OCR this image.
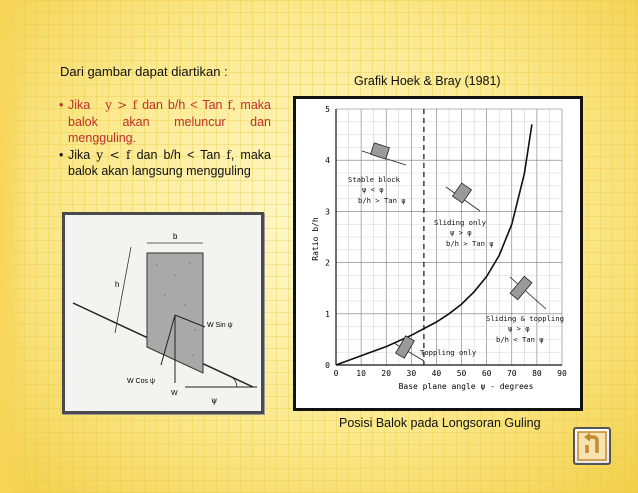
Dari gambar dapat diartikan :
• Jika y > f dan b/h < Tan f, maka balok akan meluncur dan mengguling.
• Jika y < f dan b/h < Tan f, maka balok akan langsung mengguling
Grafik Hoek & Bray (1981)
b
h
W Sin ψ
W Cos ψ
W
ψ
0 10 20 30 40 50 60 70 80 90
0
1
2
3
4
5
Ratio b/h
Base plane angle ψ - degrees
Stable block
ψ < φ
b/h > Tan ψ
Sliding only
ψ > φ
b/h > Tan ψ
Sliding & toppling
ψ > φ
b/h < Tan ψ
Toppling only
Posisi Balok pada Longsoran Guling
